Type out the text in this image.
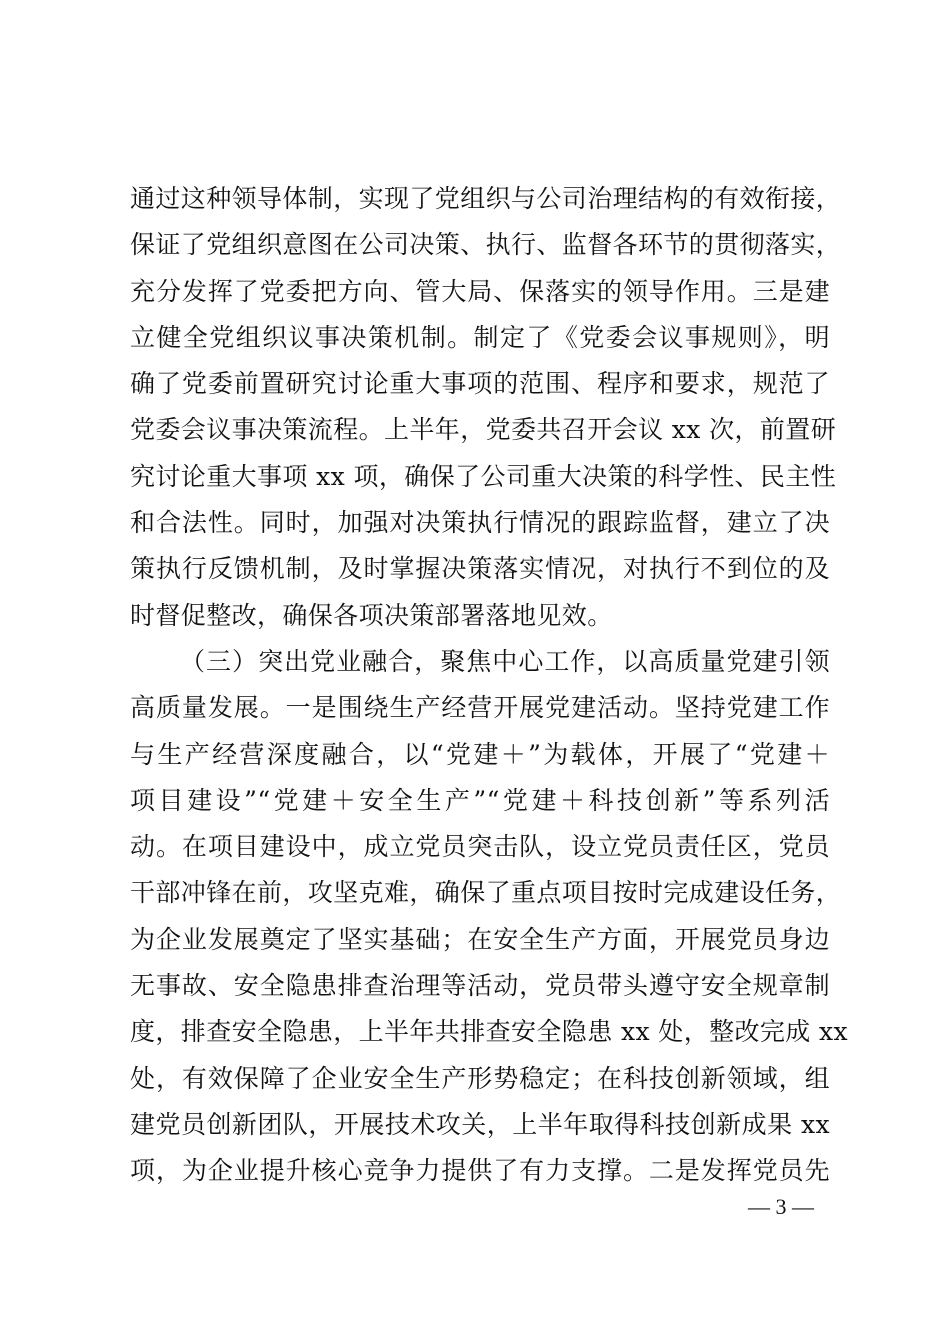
通过这种领导体制，实现了党组织与公司治理结构的有效衔接，
保证了党组织意图在公司决策、执行、监督各环节的贯彻落实，
充分发挥了党委把方向、管大局、保落实的领导作用。三是建
立健全党组织议事决策机制。制定了《党委会议事规则》，明
确了党委前置研究讨论重大事项的范围、程序和要求，规范了
党委会议事决策流程。上半年，党委共召开会议 xx 次，前置研
究讨论重大事项 xx 项，确保了公司重大决策的科学性、民主性
和合法性。同时，加强对决策执行情况的跟踪监督，建立了决
策执行反馈机制，及时掌握决策落实情况，对执行不到位的及
时督促整改，确保各项决策部署落地见效。
（三）突出党业融合，聚焦中心工作，以高质量党建引领
高质量发展。一是围绕生产经营开展党建活动。坚持党建工作
与生产经营深度融合，以“党建＋”为载体，开展了“党建＋
项目建设”“党建＋安全生产”“党建＋科技创新”等系列活
动。在项目建设中，成立党员突击队，设立党员责任区，党员
干部冲锋在前，攻坚克难，确保了重点项目按时完成建设任务，
为企业发展奠定了坚实基础；在安全生产方面，开展党员身边
无事故、安全隐患排查治理等活动，党员带头遵守安全规章制
度，排查安全隐患，上半年共排查安全隐患 xx 处，整改完成 xx
处，有效保障了企业安全生产形势稳定；在科技创新领域，组
建党员创新团队，开展技术攻关，上半年取得科技创新成果 xx
项，为企业提升核心竞争力提供了有力支撑。二是发挥党员先
— 3 —
